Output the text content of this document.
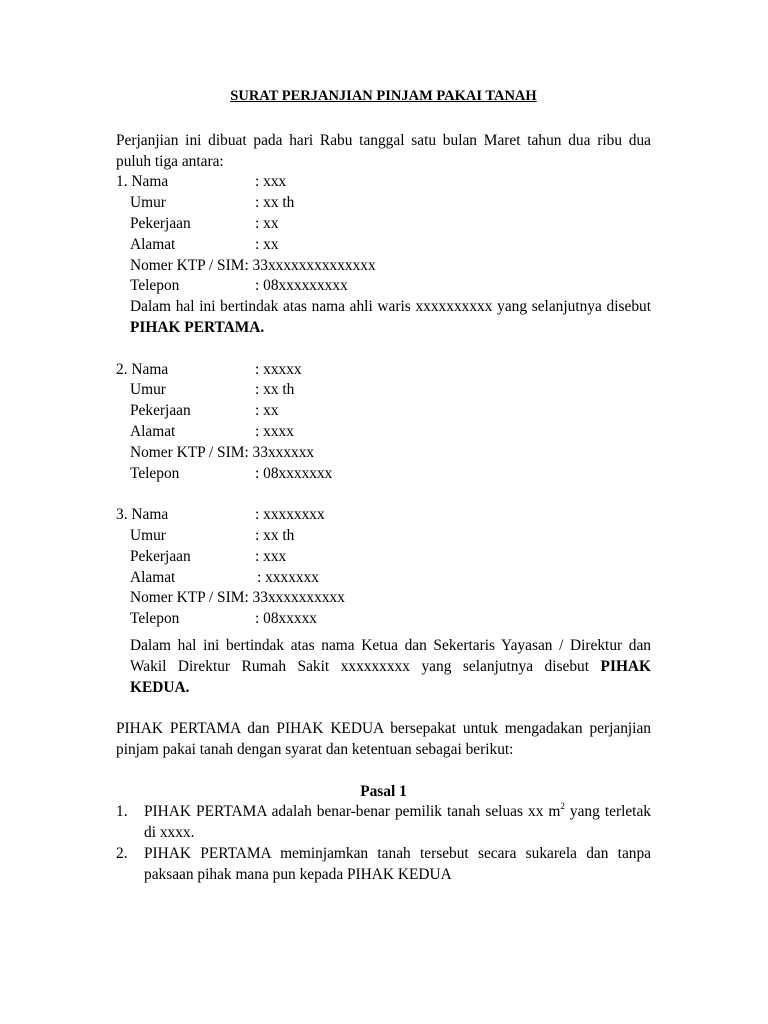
SURAT PERJANJIAN PINJAM PAKAI TANAH

Perjanjian ini dibuat pada hari Rabu tanggal satu bulan Maret tahun dua ribu dua puluh tiga antara:

1. Nama	: xxx
Umur	: xx th
Pekerjaan	: xx
Alamat	: xx
Nomer KTP / SIM : 33xxxxxxxxxxxxxx
Telepon	: 08xxxxxxxxx

Dalam hal ini bertindak atas nama ahli waris xxxxxxxxxx yang selanjutnya disebut PIHAK PERTAMA.

2. Nama	: xxxxx
Umur	: xx th
Pekerjaan	: xx
Alamat	: xxxx
Nomer KTP / SIM : 33xxxxxx
Telepon	: 08xxxxxxx
3. Nama	: xxxxxxxx
Umur	: xx th
Pekerjaan	: xxx
Alamat	: xxxxxxx
Nomer KTP / SIM : 33xxxxxxxxxx
Telepon	: 08xxxxx

Dalam hal ini bertindak atas nama Ketua dan Sekertaris Yayasan / Direktur dan Wakil Direktur Rumah Sakit xxxxxxxxx yang selanjutnya disebut PIHAK KEDUA.

PIHAK PERTAMA dan PIHAK KEDUA bersepakat untuk mengadakan perjanjian pinjam pakai tanah dengan syarat dan ketentuan sebagai berikut:

Pasal 1

1.	PIHAK PERTAMA adalah benar-benar pemilik tanah seluas xx $m^2$ yang terletak di xxxx.
2.	PIHAK PERTAMA meminjamkan tanah tersebut secara sukarela dan tanpa paksaan pihak mana pun kepada PIHAK KEDUA
